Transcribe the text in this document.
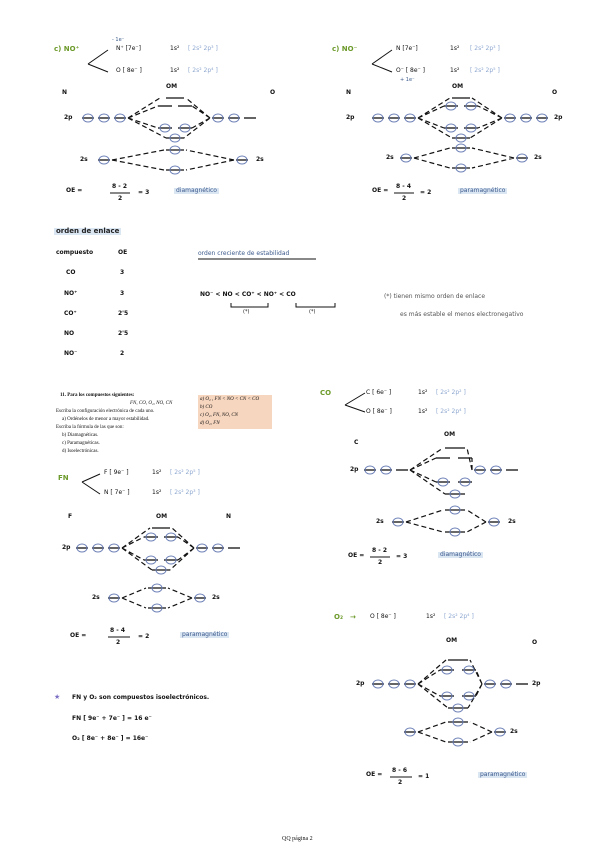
- 1e⁻
c) NO⁺	N⁺ [7e⁻]	1s² [ 2s² 2p³ ]
O [ 8e⁻ ]	1s² [ 2s² 2p⁴ ]
N
OM
O
2p
2s	2s
OE =
8 - 2
2
= 3	diamagnético
c) NO⁻	N [7e⁻]	1s² [ 2s² 2p³ ]
O⁻ [ 8e⁻ ]	1s² [ 2s² 2p⁵ ]
+ 1e⁻
N
OM
O
2p	2p
2s	2s
OE =
8 - 4
2
= 2	paramagnético
orden de enlace
compuesto	OE
CO	3
NO⁺	3
CO⁺	2'5
NO	2'5
NO⁻	2
orden creciente de estabilidad
NO⁻ < NO < CO⁺ < NO⁺ < CO
(*)	(*)
(*) tienen mismo orden de enlace
es más estable el menos electronegativo
11. Para los compuestos siguientes:
FN, CO, O₂, NO, CN
Escriba la configuración electrónica de cada uno.
a) Ordénelos de menor a mayor estabilidad.
Escriba la fórmula de las que son:
b) Diamagnéticas.
c) Paramagnéticas.
d) Isoelectrónicas.
a) O₂ , FN < NO < CN < CO
b) CO
c) O₂, FN, NO, CN
d) O₂, FN
FN
F [ 9e⁻ ]	1s² [ 2s² 2p⁵ ]
N [ 7e⁻ ]	1s² [ 2s² 2p³ ]
F	OM	N
2p
2s	2s
OE =
8 - 4
2
= 2	paramagnético
CO	C [ 6e⁻ ]	1s² [ 2s² 2p² ]
O [ 8e⁻ ]	1s² [ 2s² 2p⁴ ]
C
OM
2p
2s	2s
OE =
8 - 2
2
= 3	diamagnético
O₂ → O [ 8e⁻ ]	1s² [ 2s² 2p⁴ ]
OM	O
2p	2p
2s
OE =
8 - 6
2
= 1	paramagnético
★ FN y O₂ son compuestos isoelectrónicos.
FN [ 9e⁻ + 7e⁻ ] = 16 e⁻
O₂ [ 8e⁻ + 8e⁻ ] = 16e⁻
QQ página 2
